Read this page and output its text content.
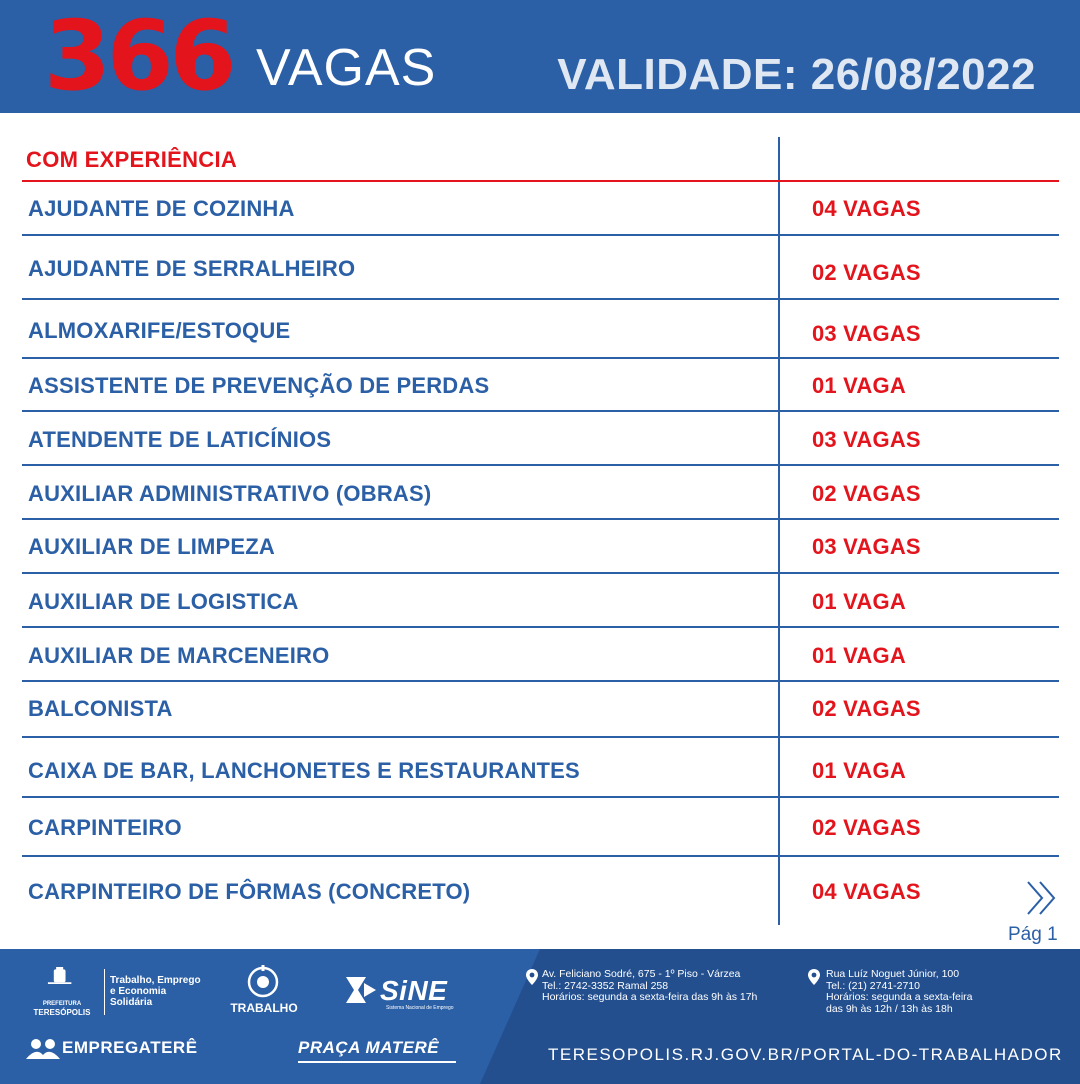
366 VAGAS	VALIDADE: 26/08/2022
COM EXPERIÊNCIA
AJUDANTE DE COZINHA	04 VAGAS
AJUDANTE DE SERRALHEIRO	02 VAGAS
ALMOXARIFE/ESTOQUE	03 VAGAS
ASSISTENTE DE PREVENÇÃO DE PERDAS	01 VAGA
ATENDENTE DE LATICÍNIOS	03 VAGAS
AUXILIAR ADMINISTRATIVO (OBRAS)	02 VAGAS
AUXILIAR DE LIMPEZA	03 VAGAS
AUXILIAR DE LOGISTICA	01 VAGA
AUXILIAR DE MARCENEIRO	01 VAGA
BALCONISTA	02 VAGAS
CAIXA DE BAR, LANCHONETES E RESTAURANTES	01 VAGA
CARPINTEIRO	02 VAGAS
CARPINTEIRO DE FÔRMAS (CONCRETO)	04 VAGAS
Pág 1
PREFEITURA
TERESÓPOLIS
Trabalho, Emprego
e Economia
Solidária	TRABALHO
SiNE
Sistema Nacional de Emprego
EMPREGATERÊ	PRAÇA MATERÊ
Av. Feliciano Sodré, 675 - 1º Piso - Várzea
Tel.: 2742-3352 Ramal 258
Horários: segunda a sexta-feira das 9h às 17h
Rua Luíz Noguet Júnior, 100
Tel.: (21) 2741-2710
Horários: segunda a sexta-feira
das 9h às 12h / 13h às 18h
TERESOPOLIS.RJ.GOV.BR/PORTAL-DO-TRABALHADOR
